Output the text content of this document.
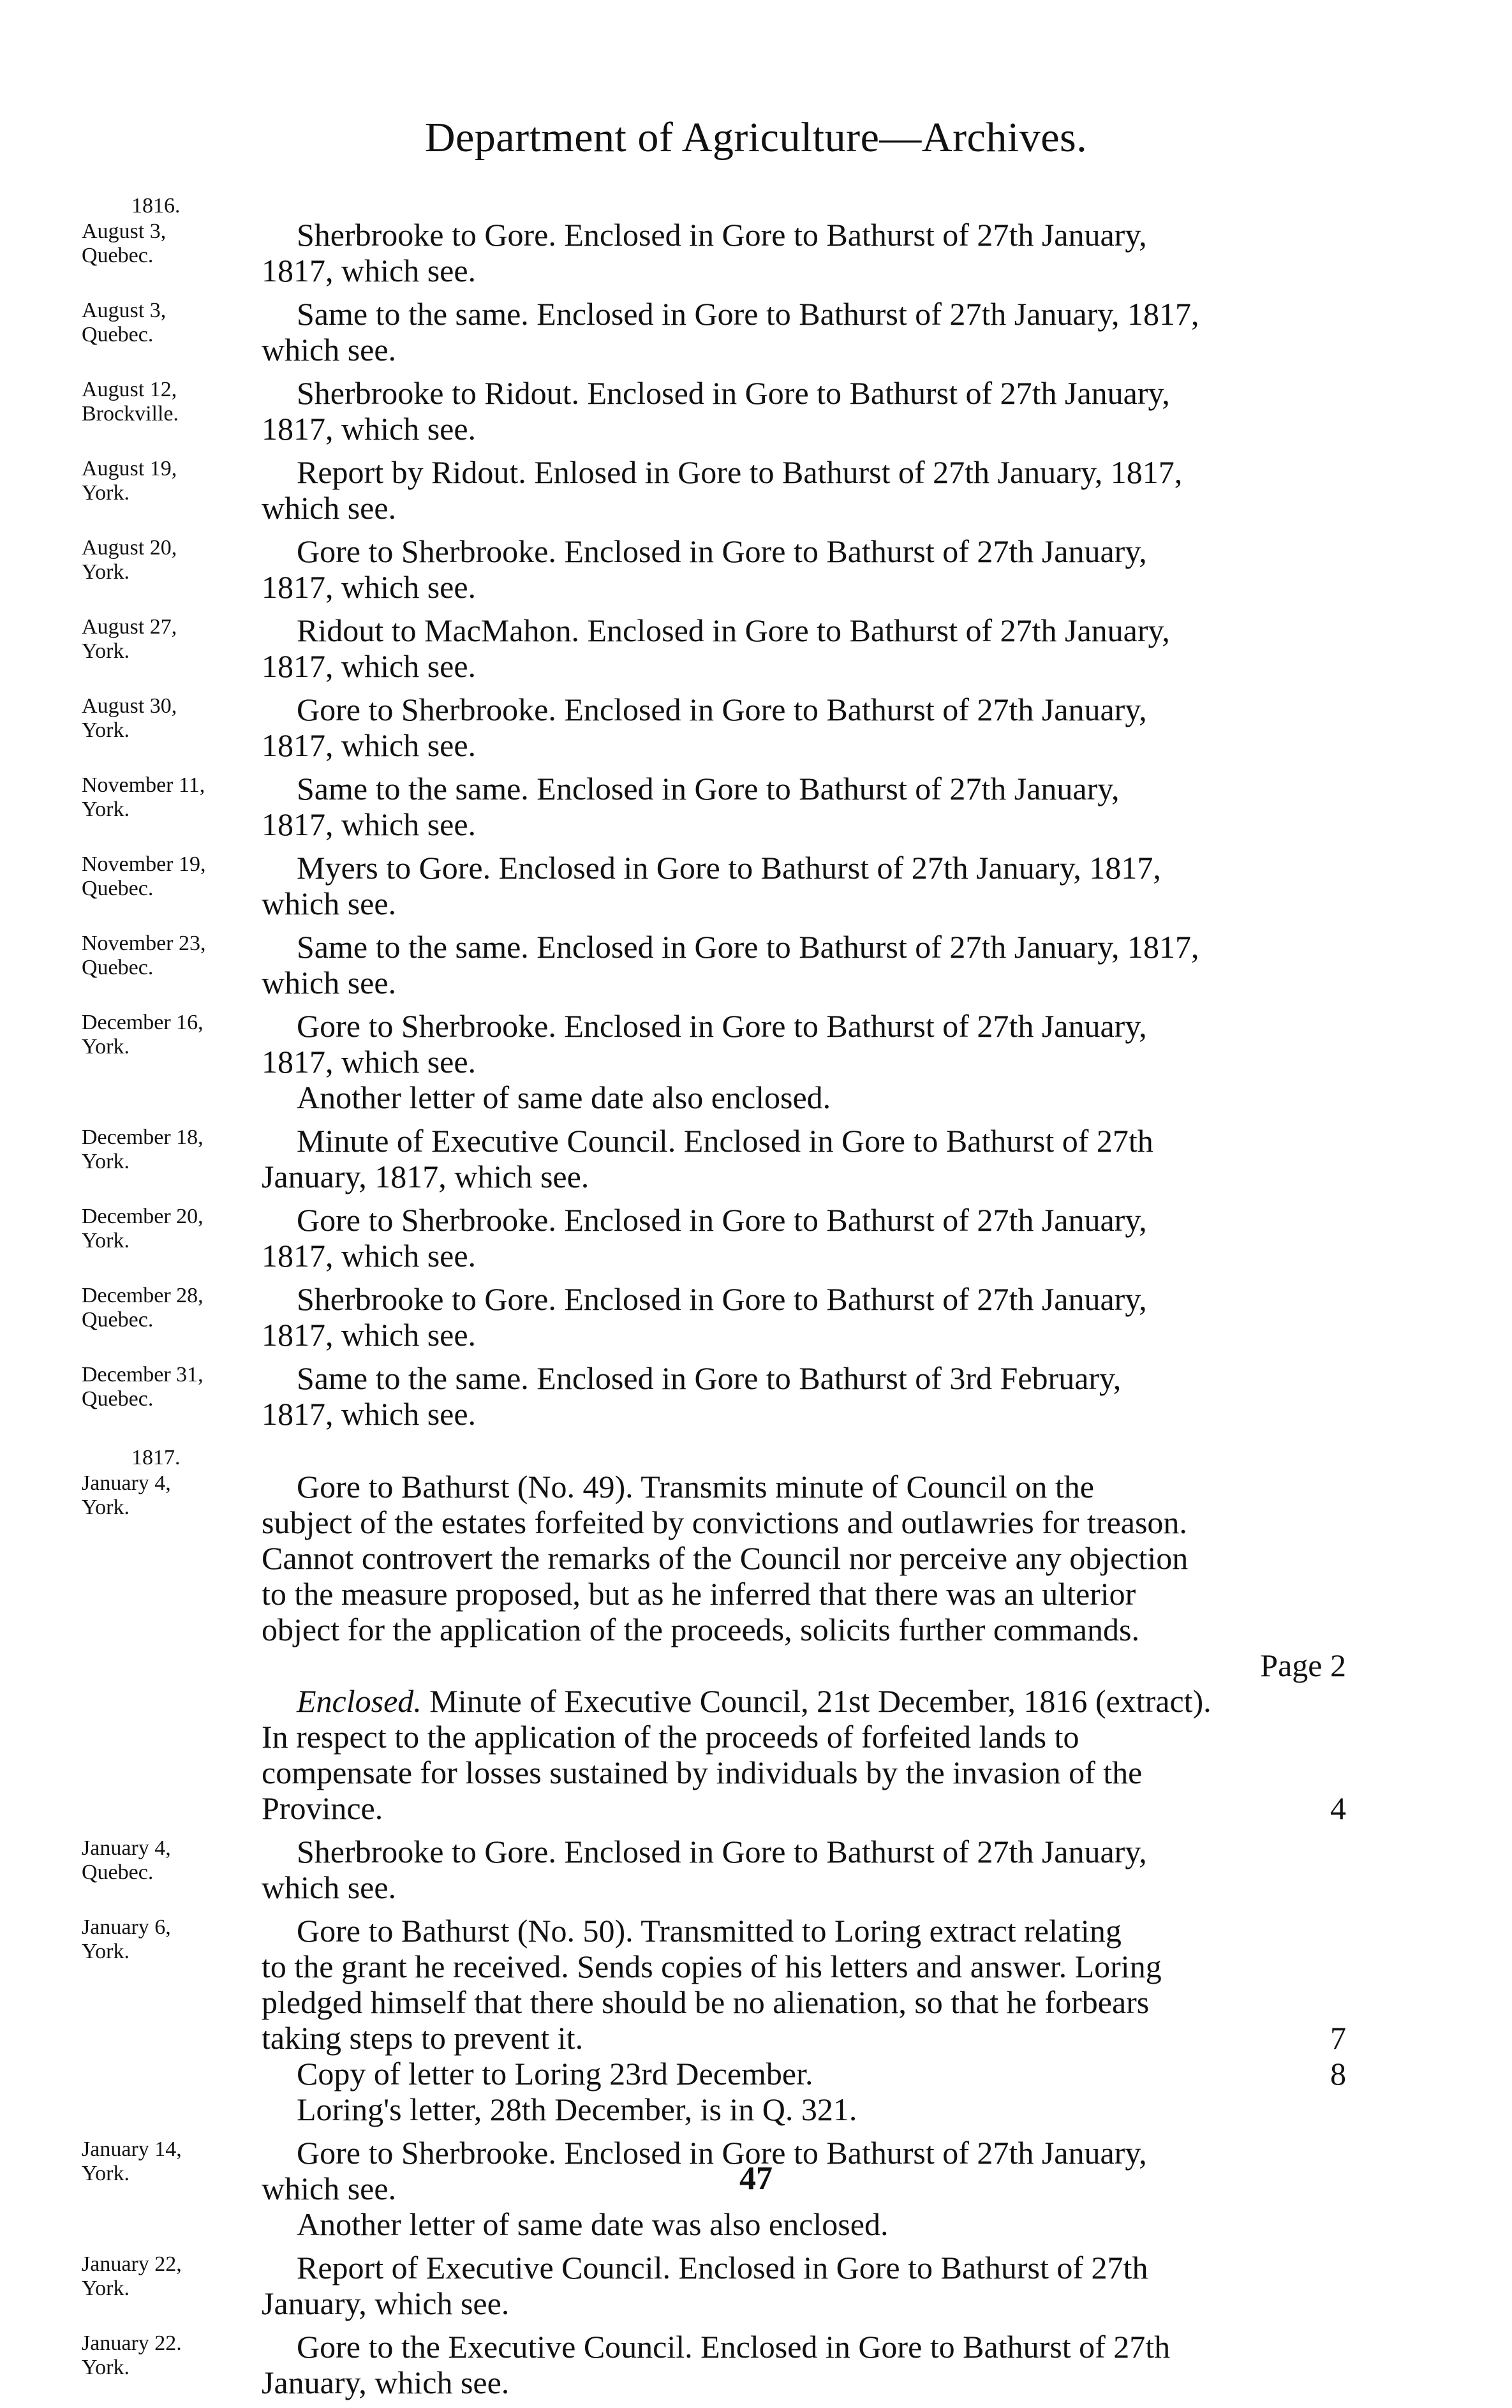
Department of Agriculture—Archives.
1816.
August 3,
Quebec.
Sherbrooke to Gore. Enclosed in Gore to Bathurst of 27th January,
1817, which see.
August 3,
Quebec.
Same to the same. Enclosed in Gore to Bathurst of 27th January, 1817,
which see.
August 12,
Brockville.
Sherbrooke to Ridout. Enclosed in Gore to Bathurst of 27th January,
1817, which see.
August 19,
York.
Report by Ridout. Enlosed in Gore to Bathurst of 27th January, 1817,
which see.
August 20,
York.
Gore to Sherbrooke. Enclosed in Gore to Bathurst of 27th January,
1817, which see.
August 27,
York.
Ridout to MacMahon. Enclosed in Gore to Bathurst of 27th January,
1817, which see.
August 30,
York.
Gore to Sherbrooke. Enclosed in Gore to Bathurst of 27th January,
1817, which see.
November 11,
York.
Same to the same. Enclosed in Gore to Bathurst of 27th January,
1817, which see.
November 19,
Quebec.
Myers to Gore. Enclosed in Gore to Bathurst of 27th January, 1817,
which see.
November 23,
Quebec.
Same to the same. Enclosed in Gore to Bathurst of 27th January, 1817,
which see.
December 16,
York.
Gore to Sherbrooke. Enclosed in Gore to Bathurst of 27th January,
1817, which see.
Another letter of same date also enclosed.
December 18,
York.
Minute of Executive Council. Enclosed in Gore to Bathurst of 27th
January, 1817, which see.
December 20,
York.
Gore to Sherbrooke. Enclosed in Gore to Bathurst of 27th January,
1817, which see.
December 28,
Quebec.
Sherbrooke to Gore. Enclosed in Gore to Bathurst of 27th January,
1817, which see.
December 31,
Quebec.
Same to the same. Enclosed in Gore to Bathurst of 3rd February,
1817, which see.
1817.
January 4,
York.
Gore to Bathurst (No. 49). Transmits minute of Council on the
subject of the estates forfeited by convictions and outlawries for treason.
Cannot controvert the remarks of the Council nor perceive any objection
to the measure proposed, but as he inferred that there was an ulterior
object for the application of the proceeds, solicits further commands.
Page 2
Enclosed. Minute of Executive Council, 21st December, 1816 (extract).
In respect to the application of the proceeds of forfeited lands to
compensate for losses sustained by individuals by the invasion of the
4
Province.
January 4,
Quebec.
Sherbrooke to Gore. Enclosed in Gore to Bathurst of 27th January,
which see.
January 6,
York.
Gore to Bathurst (No. 50). Transmitted to Loring extract relating
to the grant he received. Sends copies of his letters and answer. Loring
pledged himself that there should be no alienation, so that he forbears
7
taking steps to prevent it.
8
Copy of letter to Loring 23rd December.
Loring's letter, 28th December, is in Q. 321.
January 14,
York.
Gore to Sherbrooke. Enclosed in Gore to Bathurst of 27th January,
which see.
Another letter of same date was also enclosed.
January 22,
York.
Report of Executive Council. Enclosed in Gore to Bathurst of 27th
January, which see.
January 22.
York.
Gore to the Executive Council. Enclosed in Gore to Bathurst of 27th
January, which see.
47
